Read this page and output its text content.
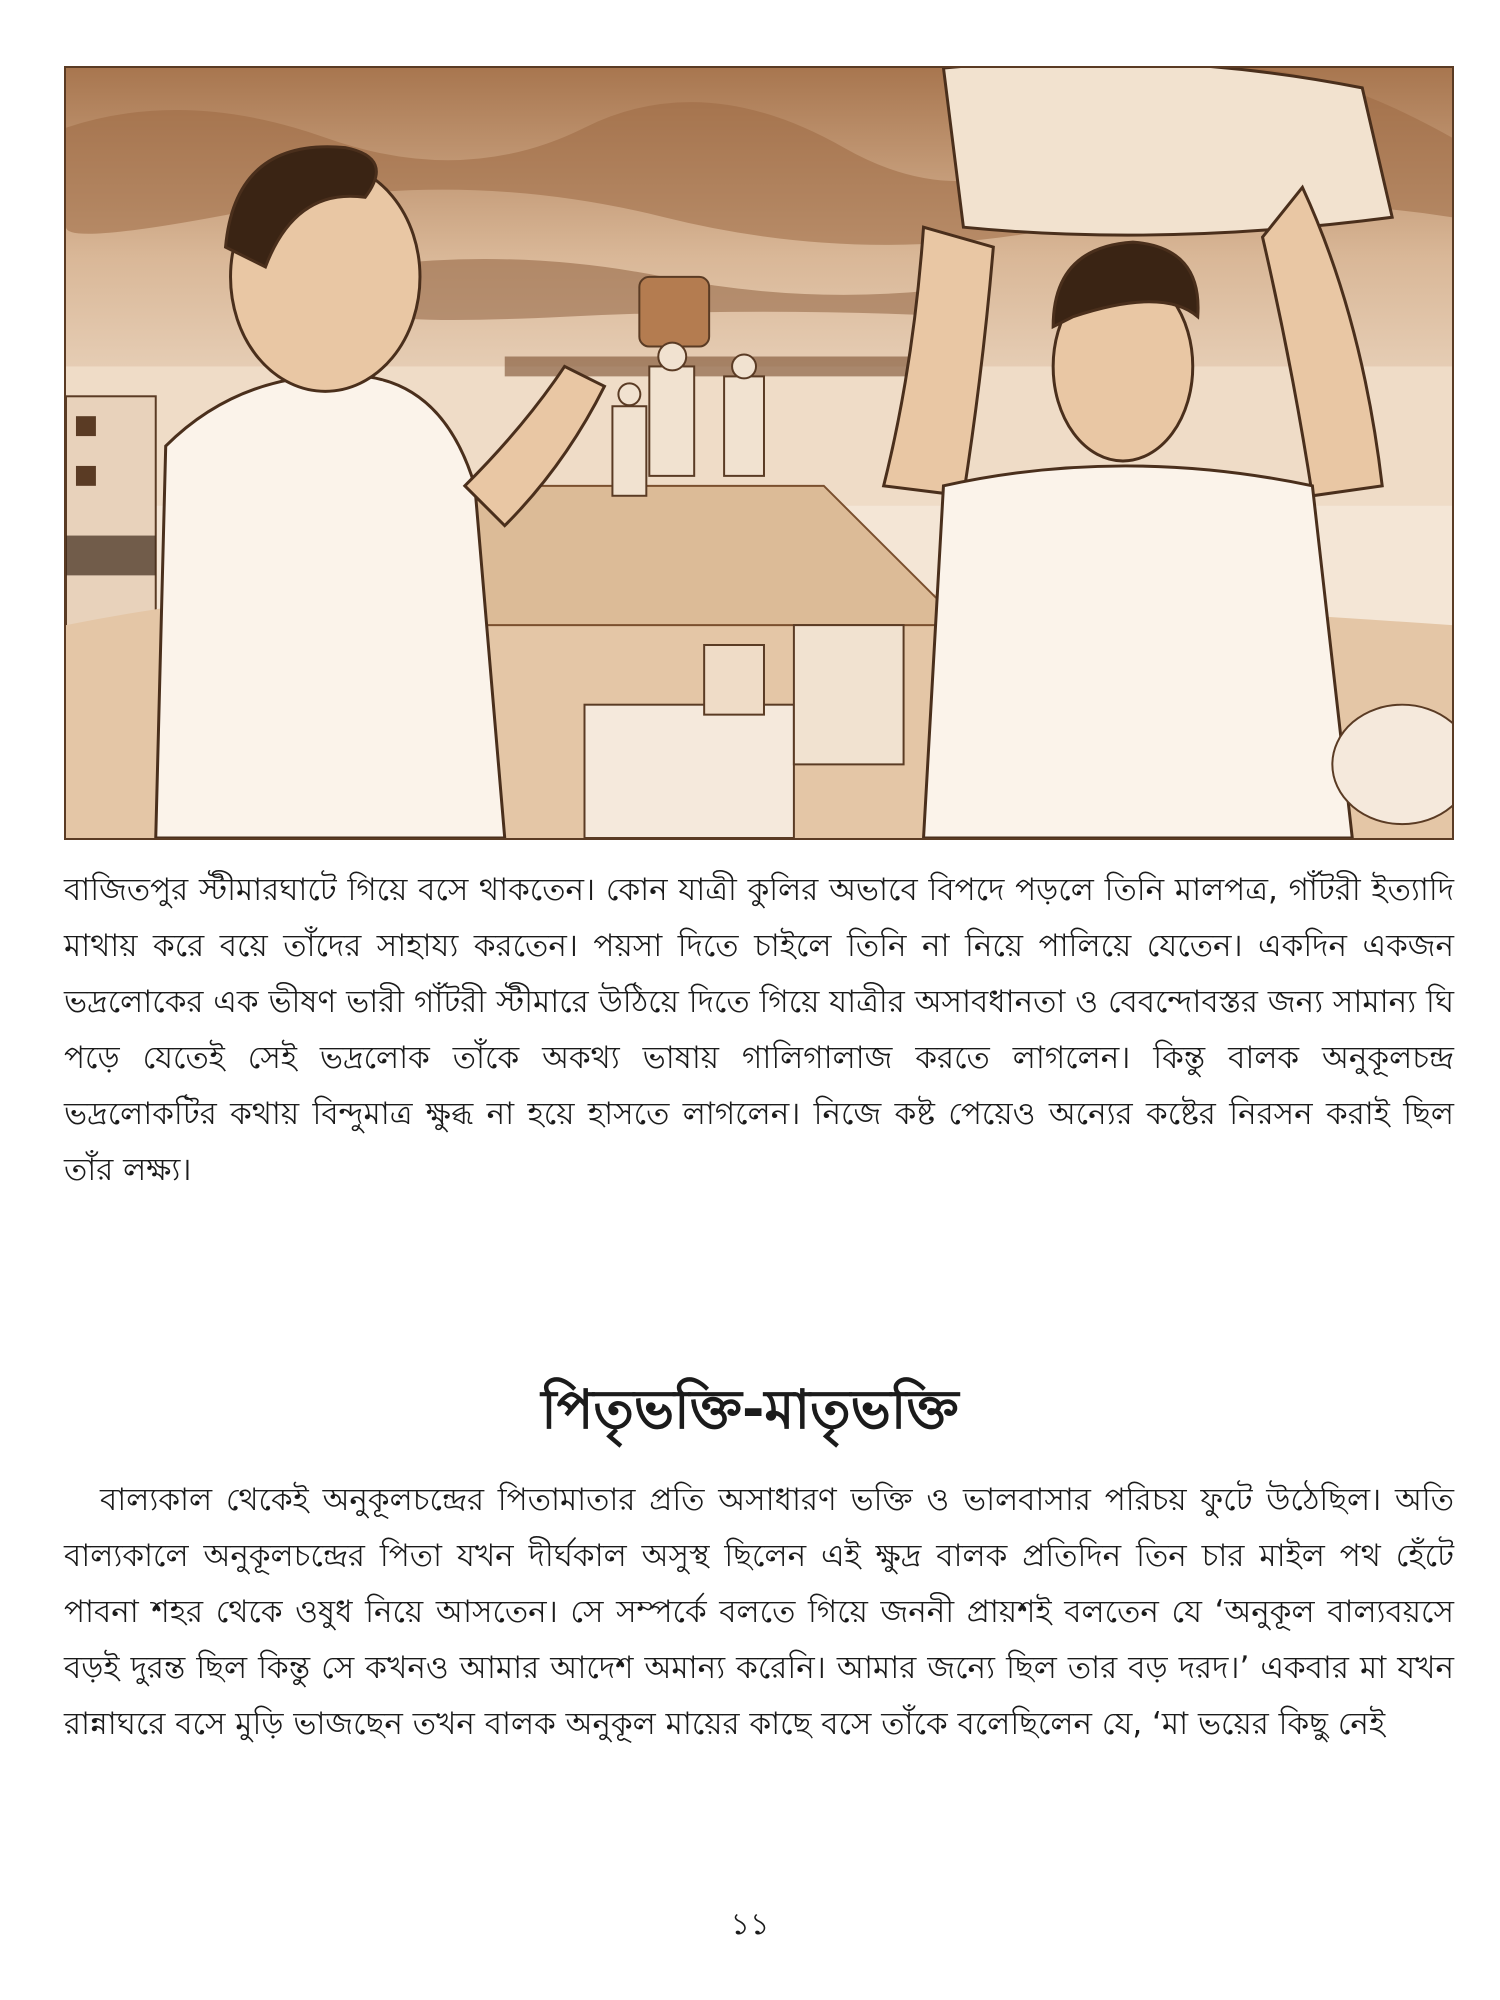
বাজিতপুর স্টীমারঘাটে গিয়ে বসে থাকতেন। কোন যাত্রী কুলির অভাবে বিপদে পড়লে তিনি মালপত্র, গাঁটরী ইত্যাদি মাথায় করে বয়ে তাঁদের সাহায্য করতেন। পয়সা দিতে চাইলে তিনি না নিয়ে পালিয়ে যেতেন। একদিন একজন ভদ্রলোকের এক ভীষণ ভারী গাঁটরী স্টীমারে উঠিয়ে দিতে গিয়ে যাত্রীর অসাবধানতা ও বেবন্দোবস্তর জন্য সামান্য ঘি পড়ে যেতেই সেই ভদ্রলোক তাঁকে অকথ্য ভাষায় গালিগালাজ করতে লাগলেন। কিন্তু বালক অনুকূলচন্দ্র ভদ্রলোকটির কথায় বিন্দুমাত্র ক্ষুব্ধ না হয়ে হাসতে লাগলেন। নিজে কষ্ট পেয়েও অন্যের কষ্টের নিরসন করাই ছিল তাঁর লক্ষ্য।

পিতৃভক্তি-মাতৃভক্তি

বাল্যকাল থেকেই অনুকূলচন্দ্রের পিতামাতার প্রতি অসাধারণ ভক্তি ও ভালবাসার পরিচয় ফুটে উঠেছিল। অতি বাল্যকালে অনুকূলচন্দ্রের পিতা যখন দীর্ঘকাল অসুস্থ ছিলেন এই ক্ষুদ্র বালক প্রতিদিন তিন চার মাইল পথ হেঁটে পাবনা শহর থেকে ওষুধ নিয়ে আসতেন। সে সম্পর্কে বলতে গিয়ে জননী প্রায়শই বলতেন যে ‘অনুকূল বাল্যবয়সে বড়ই দুরন্ত ছিল কিন্তু সে কখনও আমার আদেশ অমান্য করেনি। আমার জন্যে ছিল তার বড় দরদ।’ একবার মা যখন রান্নাঘরে বসে মুড়ি ভাজছেন তখন বালক অনুকূল মায়ের কাছে বসে তাঁকে বলেছিলেন যে, ‘মা ভয়ের কিছু নেই

১১
